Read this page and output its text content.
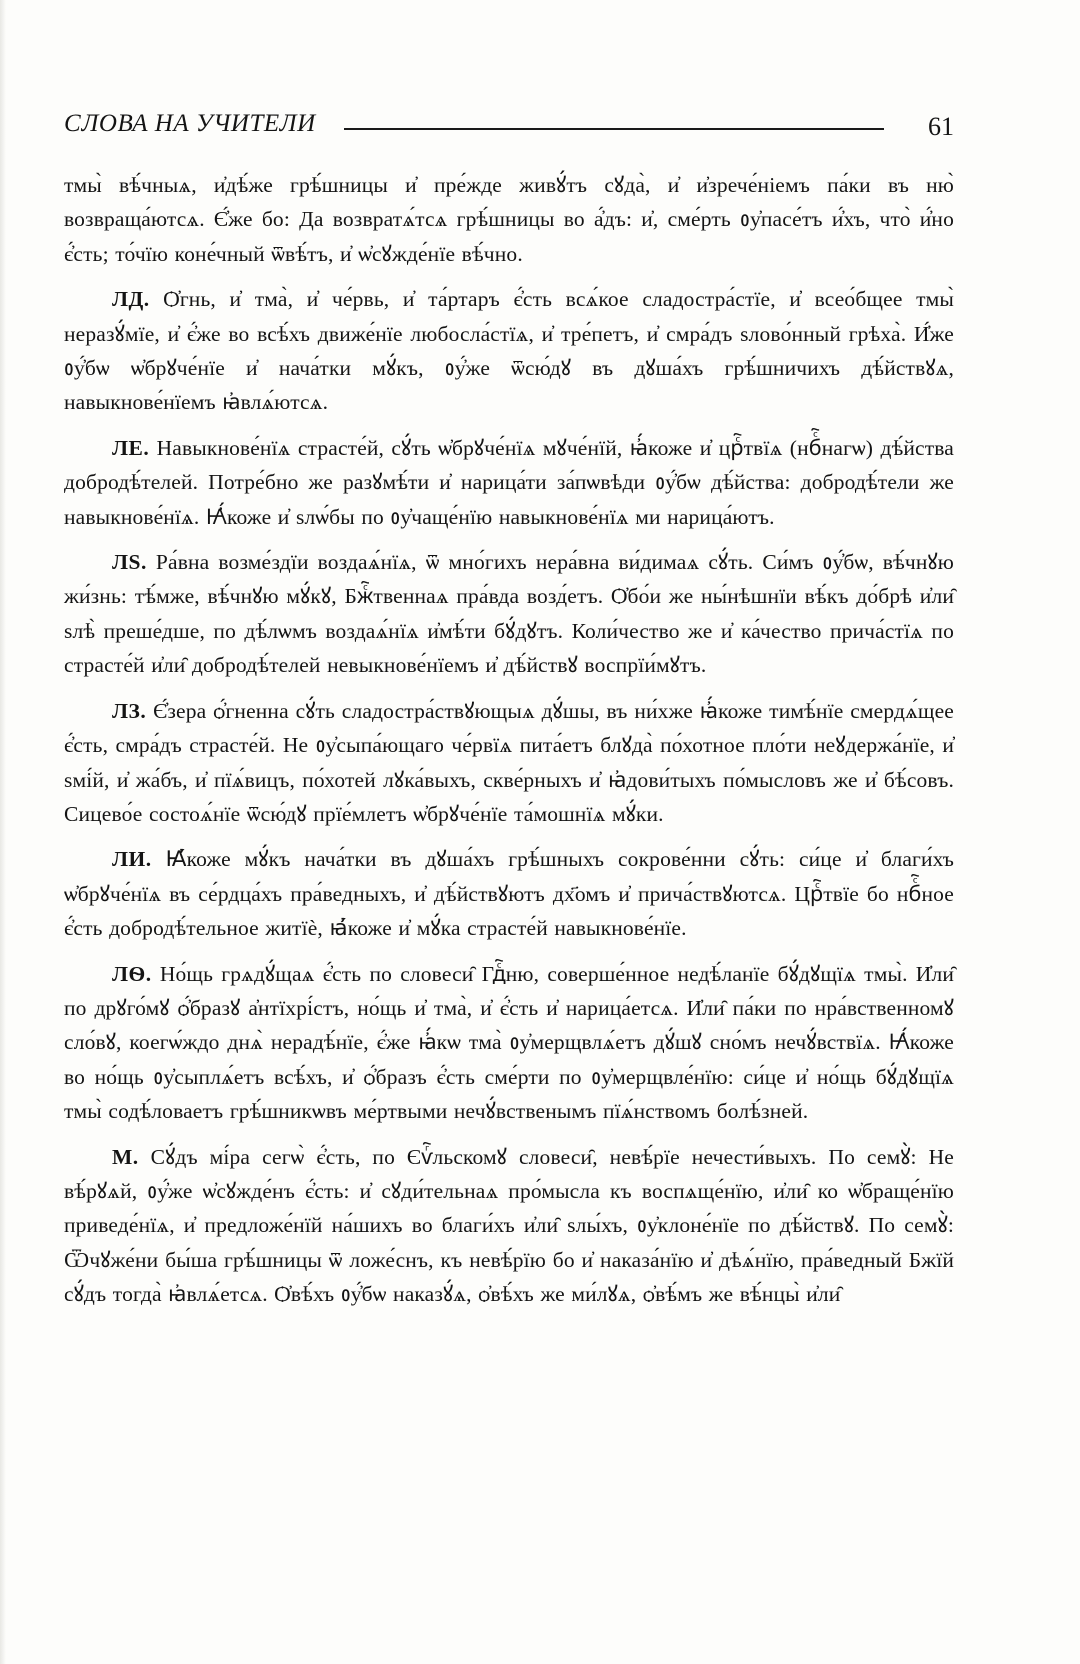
СЛОВА НА УЧИТЕЛИ	61

тмы̀ вѣ́чныѧ, и҆дѣ́же грѣ́шницы и҆ пре́жде живꙋ́тъ сꙋда̀, и҆ и҆зрече́ніемъ па́ки въ ню̀ возвраща́ютсѧ. Є҆́же бо: Да возвратѧ́тсѧ грѣ́шницы во а҆́дъ: и҆, сме́рть ᲂу҆пасе́тъ и҆́хъ, что̀ и҆́но є҆́сть; то́чїю коне́чный ѿвѣ́тъ, и҆ ѡ҆сꙋжде́нїе вѣ́чно.

ЛД. Ѻ҆гнь, и҆ тма̀, и҆ че́рвь, и҆ та́ртаръ є҆́сть всѧ́кое сладостра́стїе, и҆ всео́бщее тмы̀ неразꙋ́мїе, и҆ є҆́же во всѣ́хъ движе́нїе любосла́стїѧ, и҆ тре́петъ, и҆ смра́дъ ѕлово́нный грѣха̀. И҆́же ᲂу҆́бѡ ѡ҆брꙋче́нїе и҆ нача́тки мꙋ́къ, ᲂу҆́же ѿсю́дꙋ въ дꙋша́хъ грѣ́шничихъ дѣ́йствꙋѧ, навыкнове́нїемъ ꙗ҆влѧ́ютсѧ.

ЛЕ. Навыкнове́нїѧ страсте́й, сꙋ́ть ѡ҆брꙋче́нїѧ мꙋче́нїй, ꙗ҆́коже и҆ црⷭ҇твїѧ (нбⷭ҇нагѡ) дѣ́йства добродѣ́телей. Потре́бно же разꙋмѣ́ти и҆ нарица́ти за́пѡвѣди ᲂу҆́бѡ дѣ́йства: добродѣ́тели же навыкнове́нїѧ. Ꙗ҆́коже и҆ ѕлѡ́бы по ᲂу҆чаще́нїю навыкнове́нїѧ ми нарица́ютъ.

ЛЅ. Ра́вна возме́здїи воздаѧ́нїѧ, ѿ мно́гихъ нера́вна ви́димаѧ сꙋ́ть. Си́мъ ᲂу҆́бѡ, вѣ́чнꙋю жи́знь: тѣ́мже, вѣ́чнꙋю мꙋ́кꙋ, Бжⷭ҇твеннаѧ пра́вда возд́етъ. Ѻ҆бо́и же ны́нѣшнїи вѣ́къ до́брѣ и҆ли̑ ѕлѣ̀ преше́дше, по дѣ́лѡмъ воздаѧ́нїѧ и҆мѣ́ти бꙋ́дꙋтъ. Коли́чество же и҆ ка́чество прича́стїѧ по страсте́й и҆ли̑ добродѣ́телей невыкнове́нїемъ и҆ дѣ́йствꙋ воспрїи́мꙋтъ.

ЛЗ. Є҆́зера ѻ҆́гненна сꙋ́ть сладостра́ствꙋющыѧ дꙋ́шы, въ ни́хже ꙗ҆́коже тимѣ́нїе смердѧ́щее є҆́сть, смра́дъ страсте́й. Не ᲂу҆сыпа́ющаго че́рвїѧ пита́етъ блꙋда̀ по́хотное пло́ти неꙋдержа́нїе, и҆ ѕмі́й, и҆ жа́бъ, и҆ пїѧ́вицъ, по́хотей лꙋка́выхъ, скве́рныхъ и҆ ꙗ҆дови́тыхъ по́мысловъ же и҆ бѣ́совъ. Сицево́е состоѧ́нїе ѿсю́дꙋ прїе́млетъ ѡ҆брꙋче́нїе та́мошнїѧ мꙋ́ки.

ЛИ. Ꙗ҆́коже мꙋ́къ нача́тки въ дꙋша́хъ грѣ́шныхъ сокрове́нни сꙋ́ть: си́це и҆ благи́хъ ѡ҆брꙋче́нїѧ въ се́рдца́хъ пра́ведныхъ, и҆ дѣ́йствꙋютъ дх҃омъ и҆ прича́ствꙋютсѧ. Црⷭ҇твїе бо нбⷭ҇ное є҆́сть добродѣ́тельное житїѐ, ꙗ҆́коже и҆ мꙋ́ка страсте́й навыкнове́нїе.

ЛѲ. Но́щь грѧдꙋ́щаѧ є҆́сть по словеси̑ Гдⷭ҇ню, соверше́нное недѣ́ланїе бꙋ́дꙋщїѧ тмы̀. И҆ли̑ по дрꙋго́мꙋ ѻ҆́бразꙋ а҆нтїхрі́стъ, но́щь и҆ тма̀, и҆ є҆́сть и҆ нарица́етсѧ. И҆ли̑ па́ки по нра́вственномꙋ сло́вꙋ, коегѡ́ждо днѧ̀ нерадѣ́нїе, є҆́же ꙗ҆́кѡ тма̀ ᲂу҆мерщвлѧ́етъ дꙋ́шꙋ сно́мъ нечꙋ́вствїѧ. Ꙗ҆́коже во но́щь ᲂу҆сыплѧ́етъ всѣ́хъ, и҆ ѻ҆́бразъ є҆́сть сме́рти по ᲂу҆мерщвле́нїю: си́це и҆ но́щь бꙋ́дꙋщїѧ тмы̀ содѣ́ловаетъ грѣ́шникѡвъ ме́ртвыми нечꙋ́вственымъ пїѧ́нствомъ болѣ́зней.

М. Сꙋ́дъ мі́ра сегѡ̀ є҆́сть, по Єѵⷢ҇льскомꙋ словеси̑, невѣ́рїе нечести́выхъ. По семꙋ̀: Не вѣ́рꙋѧй, ᲂу҆́же ѡ҆сꙋжде́нъ є҆́сть: и҆ сꙋди́тельнаѧ про́мысла къ воспѧще́нїю, и҆ли̑ ко ѡ҆браще́нїю приведе́нїѧ, и҆ предложе́нїй на́шихъ во благи́хъ и҆ли̑ ѕлы́хъ, ᲂу҆клоне́нїе по дѣ́йствꙋ. По семꙋ̀: Ѿчꙋже́ни бы́ша грѣ́шницы ѿ ложе́снъ, къ невѣ́рїю бо и҆ наказа́нїю и҆ дѣѧ́нїю, пра́ведный Бжїй сꙋ́дъ тогда̀ ꙗ҆влѧ́етсѧ. Ѻ҆вѣ́хъ ᲂу҆́бѡ наказꙋ́ѧ, ѻ҆вѣ́хъ же ми́лꙋѧ, ѻ҆вѣ́мъ же вѣ́нцы̀ и҆ли̑
